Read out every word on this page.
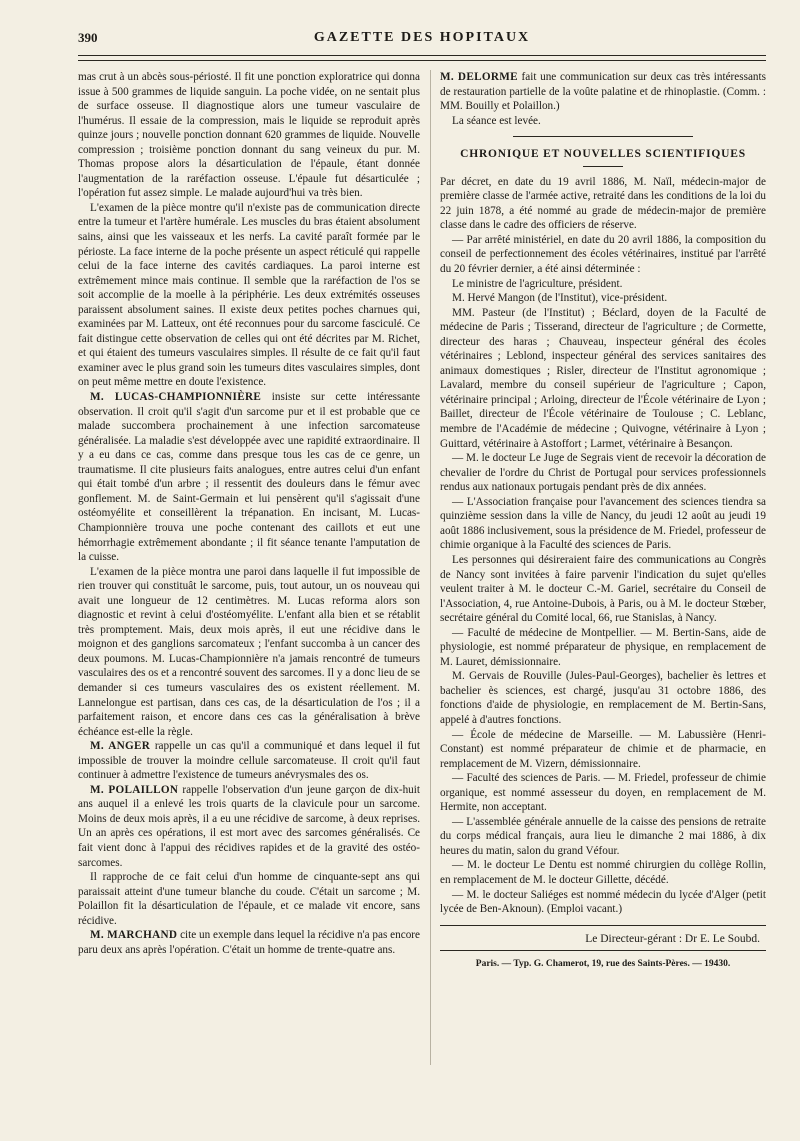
390	GAZETTE DES HOPITAUX

mas crut à un abcès sous-périosté. Il fit une ponction exploratrice qui donna issue à 500 grammes de liquide sanguin. La poche vidée, on ne sentait plus de surface osseuse. Il diagnostique alors une tumeur vasculaire de l'humérus. Il essaie de la compression, mais le liquide se reproduit après quinze jours ; nouvelle ponction donnant 620 grammes de liquide. Nouvelle compression ; troisième ponction donnant du sang veineux du pur. M. Thomas propose alors la désarticulation de l'épaule, étant donnée l'augmentation de la raréfaction osseuse. L'épaule fut désarticulée ; l'opération fut assez simple. Le malade aujourd'hui va très bien.

L'examen de la pièce montre qu'il n'existe pas de communication directe entre la tumeur et l'artère humérale. Les muscles du bras étaient absolument sains, ainsi que les vaisseaux et les nerfs. La cavité paraît formée par le périoste. La face interne de la poche présente un aspect réticulé qui rappelle celui de la face interne des cavités cardiaques. La paroi interne est extrêmement mince mais continue. Il semble que la raréfaction de l'os se soit accomplie de la moelle à la périphérie. Les deux extrémités osseuses paraissent absolument saines. Il existe deux petites poches charnues qui, examinées par M. Latteux, ont été reconnues pour du sarcome fasciculé. Ce fait distingue cette observation de celles qui ont été décrites par M. Richet, et qui étaient des tumeurs vasculaires simples. Il résulte de ce fait qu'il faut examiner avec le plus grand soin les tumeurs dites vasculaires simples, dont on peut même mettre en doute l'existence.

M. LUCAS-CHAMPIONNIÈRE insiste sur cette intéressante observation. Il croit qu'il s'agit d'un sarcome pur et il est probable que ce malade succombera prochainement à une infection sarcomateuse généralisée. La maladie s'est développée avec une rapidité extraordinaire. Il y a eu dans ce cas, comme dans presque tous les cas de ce genre, un traumatisme. Il cite plusieurs faits analogues, entre autres celui d'un enfant qui était tombé d'un arbre ; il ressentit des douleurs dans le fémur avec gonflement. M. de Saint-Germain et lui pensèrent qu'il s'agissait d'une ostéomyélite et conseillèrent la trépanation. En incisant, M. Lucas-Championnière trouva une poche contenant des caillots et eut une hémorrhagie extrêmement abondante ; il fit séance tenante l'amputation de la cuisse.

L'examen de la pièce montra une paroi dans laquelle il fut impossible de rien trouver qui constituât le sarcome, puis, tout autour, un os nouveau qui avait une longueur de 12 centimètres. M. Lucas reforma alors son diagnostic et revint à celui d'ostéomyélite. L'enfant alla bien et se rétablit très promptement. Mais, deux mois après, il eut une récidive dans le moignon et des ganglions sarcomateux ; l'enfant succomba à un cancer des deux poumons. M. Lucas-Championnière n'a jamais rencontré de tumeurs vasculaires des os et a rencontré souvent des sarcomes. Il y a donc lieu de se demander si ces tumeurs vasculaires des os existent réellement. M. Lannelongue est partisan, dans ces cas, de la désarticulation de l'os ; il a parfaitement raison, et encore dans ces cas la généralisation à brève échéance est-elle la règle.

M. ANGER rappelle un cas qu'il a communiqué et dans lequel il fut impossible de trouver la moindre cellule sarcomateuse. Il croit qu'il faut continuer à admettre l'existence de tumeurs anévrysmales des os.

M. POLAILLON rappelle l'observation d'un jeune garçon de dix-huit ans auquel il a enlevé les trois quarts de la clavicule pour un sarcome. Moins de deux mois après, il a eu une récidive de sarcome, à deux reprises. Un an après ces opérations, il est mort avec des sarcomes généralisés. Ce fait vient donc à l'appui des récidives rapides et de la gravité des ostéo-sarcomes.

Il rapproche de ce fait celui d'un homme de cinquante-sept ans qui paraissait atteint d'une tumeur blanche du coude. C'était un sarcome ; M. Polaillon fit la désarticulation de l'épaule, et ce malade vit encore, sans récidive.

M. MARCHAND cite un exemple dans lequel la récidive n'a pas encore paru deux ans après l'opération. C'était un homme de trente-quatre ans.

M. DELORME fait une communication sur deux cas très intéressants de restauration partielle de la voûte palatine et de rhinoplastie. (Comm. : MM. Bouilly et Polaillon.)

La séance est levée.

CHRONIQUE ET NOUVELLES SCIENTIFIQUES

Par décret, en date du 19 avril 1886, M. Naïl, médecin-major de première classe de l'armée active, retraité dans les conditions de la loi du 22 juin 1878, a été nommé au grade de médecin-major de première classe dans le cadre des officiers de réserve.

— Par arrêté ministériel, en date du 20 avril 1886, la composition du conseil de perfectionnement des écoles vétérinaires, institué par l'arrêté du 20 février dernier, a été ainsi déterminée :

Le ministre de l'agriculture, président.

M. Hervé Mangon (de l'Institut), vice-président.

MM. Pasteur (de l'Institut) ; Béclard, doyen de la Faculté de médecine de Paris ; Tisserand, directeur de l'agriculture ; de Cormette, directeur des haras ; Chauveau, inspecteur général des écoles vétérinaires ; Leblond, inspecteur général des services sanitaires des animaux domestiques ; Risler, directeur de l'Institut agronomique ; Lavalard, membre du conseil supérieur de l'agriculture ; Capon, vétérinaire principal ; Arloing, directeur de l'École vétérinaire de Lyon ; Baillet, directeur de l'École vétérinaire de Toulouse ; C. Leblanc, membre de l'Académie de médecine ; Quivogne, vétérinaire à Lyon ; Guittard, vétérinaire à Astoffort ; Larmet, vétérinaire à Besançon.

— M. le docteur Le Juge de Segrais vient de recevoir la décoration de chevalier de l'ordre du Christ de Portugal pour services professionnels rendus aux nationaux portugais pendant près de dix années.

— L'Association française pour l'avancement des sciences tiendra sa quinzième session dans la ville de Nancy, du jeudi 12 août au jeudi 19 août 1886 inclusivement, sous la présidence de M. Friedel, professeur de chimie organique à la Faculté des sciences de Paris.

Les personnes qui désireraient faire des communications au Congrès de Nancy sont invitées à faire parvenir l'indication du sujet qu'elles veulent traiter à M. le docteur C.-M. Gariel, secrétaire du Conseil de l'Association, 4, rue Antoine-Dubois, à Paris, ou à M. le docteur Stœber, secrétaire général du Comité local, 66, rue Stanislas, à Nancy.

— Faculté de médecine de Montpellier. — M. Bertin-Sans, aide de physiologie, est nommé préparateur de physique, en remplacement de M. Lauret, démissionnaire.

M. Gervais de Rouville (Jules-Paul-Georges), bachelier ès lettres et bachelier ès sciences, est chargé, jusqu'au 31 octobre 1886, des fonctions d'aide de physiologie, en remplacement de M. Bertin-Sans, appelé à d'autres fonctions.

— École de médecine de Marseille. — M. Labussière (Henri-Constant) est nommé préparateur de chimie et de pharmacie, en remplacement de M. Vizern, démissionnaire.

— Faculté des sciences de Paris. — M. Friedel, professeur de chimie organique, est nommé assesseur du doyen, en remplacement de M. Hermite, non acceptant.

— L'assemblée générale annuelle de la caisse des pensions de retraite du corps médical français, aura lieu le dimanche 2 mai 1886, à dix heures du matin, salon du grand Véfour.

— M. le docteur Le Dentu est nommé chirurgien du collège Rollin, en remplacement de M. le docteur Gillette, décédé.

— M. le docteur Saliéges est nommé médecin du lycée d'Alger (petit lycée de Ben-Aknoun). (Emploi vacant.)

Le Directeur-gérant : Dr E. Le Soubd.
Paris. — Typ. G. Chamerot, 19, rue des Saints-Pères. — 19430.
